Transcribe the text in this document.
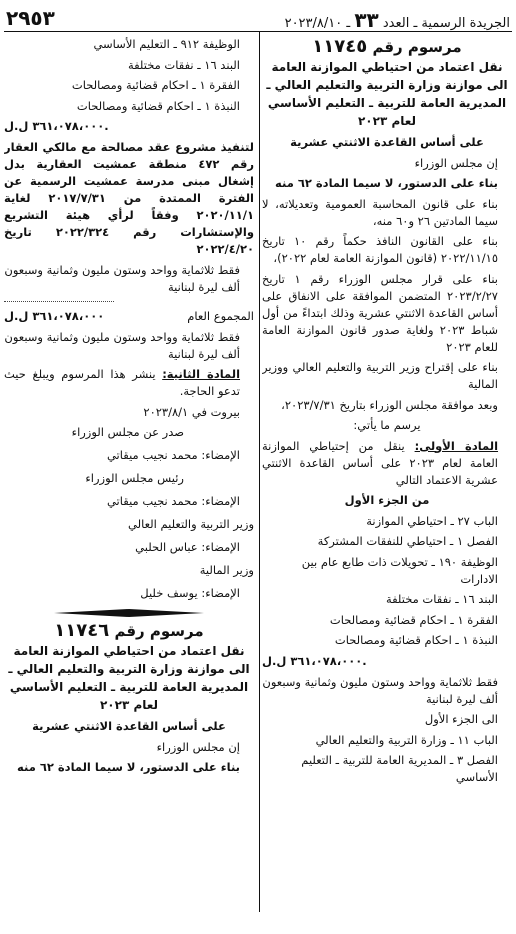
٢٩٥٣	الجريدة الرسمية ـ العدد ٣٣ ـ ٢٠٢٣/٨/١٠
مرسوم رقم ١١٧٤٥
نقل اعتماد من احتياطي الموازنة العامة الى موازنة وزارة التربية والتعليم العالي ـ المديرية العامة للتربية ـ التعليم الأساسي لعام ٢٠٢٣
على أساس القاعدة الاثنتي عشرية
إن مجلس الوزراء
بناء على الدستور، لا سيما المادة ٦٢ منه
بناء على قانون المحاسبة العمومية وتعديلاته، لا سيما المادتين ٢٦ و٦٠ منه،
بناء على القانون النافذ حكماً رقم ١٠ تاريخ ٢٠٢٢/١١/١٥ (قانون الموازنة العامة لعام ٢٠٢٢)،
بناء على قرار مجلس الوزراء رقم ١ تاريخ ٢٠٢٣/٢/٢٧ المتضمن الموافقة على الانفاق على أساس القاعدة الاثنتي عشرية وذلك ابتداءً من أول شباط ٢٠٢٣ ولغاية صدور قانون الموازنة العامة للعام ٢٠٢٣
بناء على إقتراح وزير التربية والتعليم العالي ووزير المالية
وبعد موافقة مجلس الوزراء بتاريخ ٢٠٢٣/٧/٣١،
يرسم ما يأتي:
المادة الأولى: ينقل من إحتياطي الموازنة العامة لعام ٢٠٢٣ على أساس القاعدة الاثنتي عشرية الاعتماد التالي
من الجزء الأول
الباب ٢٧ ـ احتياطي الموازنة
الفصل ١ ـ احتياطي للنفقات المشتركة
الوظيفة ١٩٠ ـ تحويلات ذات طابع عام بين الادارات
البند ١٦ ـ نفقات مختلفة
الفقرة ١ ـ احكام قضائية ومصالحات
النبذة ١ ـ احكام قضائية ومصالحات
٣٦١،٠٧٨،٠٠٠ ل.ل.
فقط ثلاثماية وواحد وستون مليون وثمانية وسبعون ألف ليرة لبنانية
الى الجزء الأول
الباب ١١ ـ وزارة التربية والتعليم العالي
الفصل ٣ ـ المديرية العامة للتربية ـ التعليم الأساسي
الوظيفة ٩١٢ ـ التعليم الأساسي
البند ١٦ ـ نفقات مختلفة
الفقرة ١ ـ احكام قضائية ومصالحات
النبذة ١ ـ احكام قضائية ومصالحات
٣٦١،٠٧٨،٠٠٠ ل.ل.
لتنفيذ مشروع عقد مصالحة مع مالكي العقار رقم ٤٧٢ منطقة عمشيت العقارية بدل إشغال مبنى مدرسة عمشيت الرسمية عن الفترة الممتدة من ٢٠١٧/٧/٣١ لغاية ٢٠٢٠/١١/١ وفقاً لرأي هيئة التشريع والإستشارات رقم ٢٠٢٢/٣٢٤ تاريخ ٢٠٢٢/٤/٢٠
فقط ثلاثماية وواحد وستون مليون وثمانية وسبعون ألف ليرة لبنانية
٣٦١،٠٧٨،٠٠٠ ل.ل	المجموع العام
فقط ثلاثماية وواحد وستون مليون وثمانية وسبعون ألف ليرة لبنانية
المادة الثانية: ينشر هذا المرسوم ويبلغ حيث تدعو الحاجة.
بيروت في ٢٠٢٣/٨/١
صدر عن مجلس الوزراء
الإمضاء: محمد نجيب ميقاتي
رئيس مجلس الوزراء
الإمضاء: محمد نجيب ميقاتي
وزير التربية والتعليم العالي
الإمضاء: عباس الحلبي
وزير المالية
الإمضاء: يوسف خليل
مرسوم رقم ١١٧٤٦
نقل اعتماد من احتياطي الموازنة العامة الى موازنة وزارة التربية والتعليم العالي ـ المديرية العامة للتربية ـ التعليم الأساسي لعام ٢٠٢٣
على أساس القاعدة الاثنتي عشرية
إن مجلس الوزراء
بناء على الدستور، لا سيما المادة ٦٢ منه
